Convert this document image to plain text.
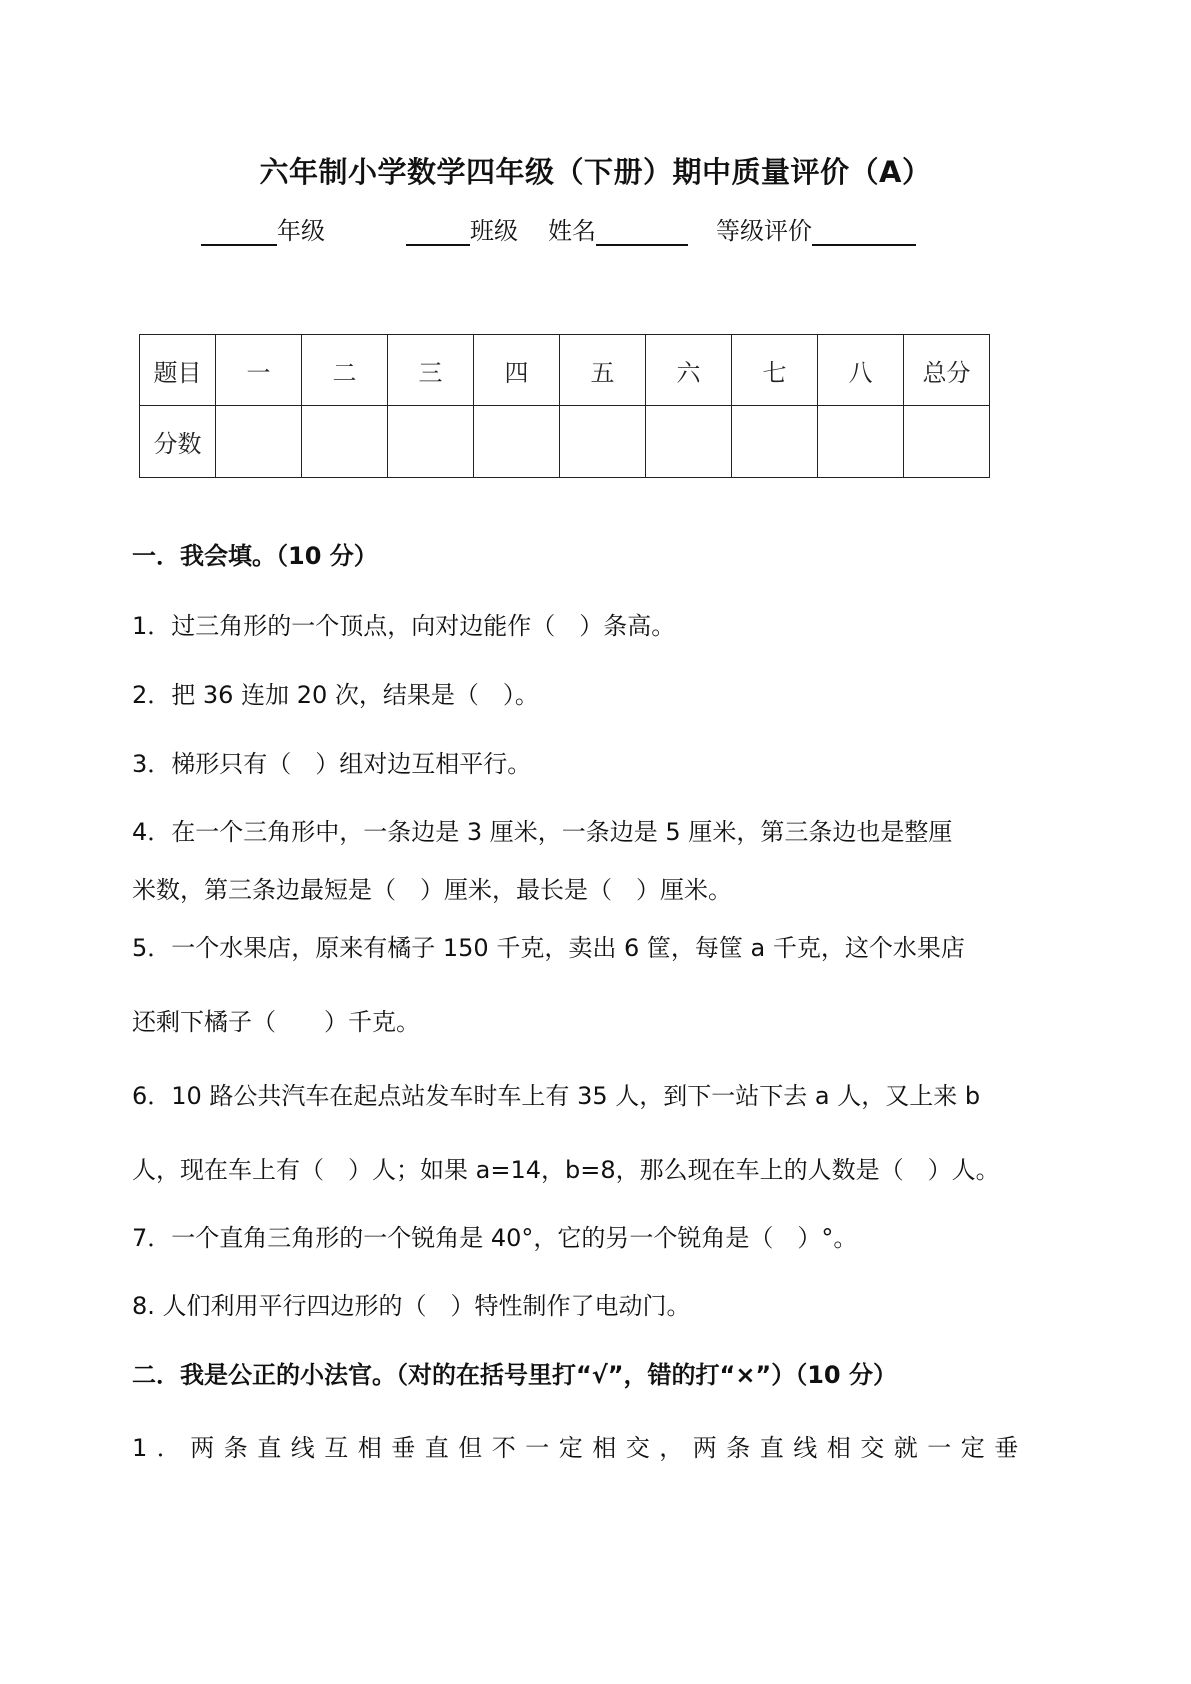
六年制小学数学四年级（下册）期中质量评价（A）
年级	班级 姓名	等级评价
题目	一	二	三	四	五	六	七	八	总分
分数									
一．我会填。（10 分）
1．过三角形的一个顶点，向对边能作（　）条高。
2．把 36 连加 20 次，结果是（　）。
3．梯形只有（　）组对边互相平行。
4．在一个三角形中，一条边是 3 厘米，一条边是 5 厘米，第三条边也是整厘
米数，第三条边最短是（　）厘米，最长是（　）厘米。
5．一个水果店，原来有橘子 150 千克，卖出 6 筐，每筐 a 千克，这个水果店
还剩下橘子（　　）千克。
6．10 路公共汽车在起点站发车时车上有 35 人，到下一站下去 a 人，又上来 b
人，现在车上有（　）人；如果 a=14，b=8，那么现在车上的人数是（　）人。
7．一个直角三角形的一个锐角是 40°，它的另一个锐角是（　）°。
8. 人们利用平行四边形的（　）特性制作了电动门。
二．我是公正的小法官。（对的在括号里打“√”，错的打“×”）（10 分）
1．两条直线互相垂直但不一定相交，两条直线相交就一定垂
